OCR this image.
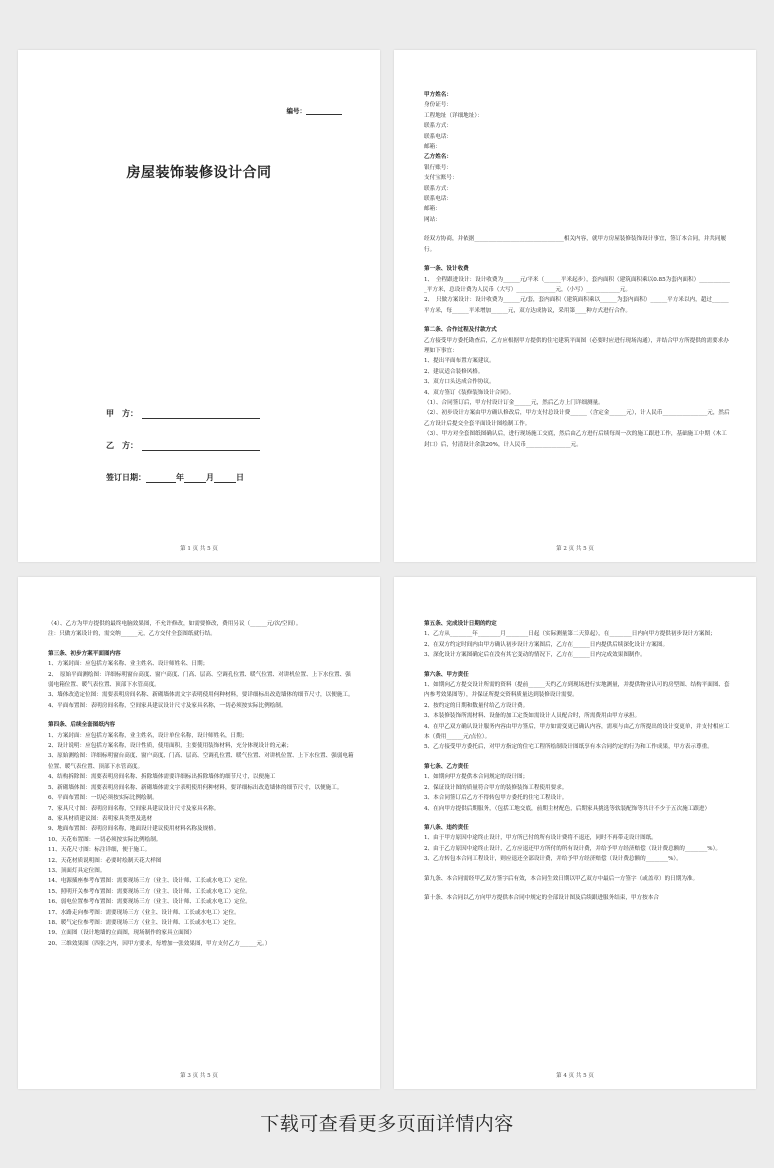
编号：
房屋装饰装修设计合同
甲　方：
乙　方：
签订日期：	年	月	日
第 1 页 共 5 页

甲方姓名：

身份证号：

工程地址（详细地址）：

联系方式：

联系电话：

邮箱：

乙方姓名：

银行账号：

支付宝账号：

联系方式：

联系电话：

邮箱：

网站：

经双方协商，并依据________________________________相关内容，就甲方房屋装修装饰设计事宜，签订本合同，并共同履行。

第一条、设计收费

1、　全程跟进设计：设计收费为______元/平米（______平米起步），套内面积（建筑面积乘以0.85为套内面积）____________平方米，总设计费为人民币（大写）______________元，（小写）____________元。

2、　只做方案设计：设计收费为______元/套，套内面积（建筑面积乘以______为套内面积）______平方米以内，超过______平方米，每______平米增加______元，双方达成协议，采用第____种方式进行合作。

第二条、合作过程及付款方式

乙方接受甲方委托勘查后，乙方应根据甲方提供的住宅建筑平面图（必要时应进行现场沟通），并结合甲方所提供的需要求办理如下事宜：

1、提出平面布置方案建议。

2、建议适合装修风格。

3、双方口头达成合作协议。

4、双方签订《装修装饰设计合同》。

（1）、合同签订后，甲方付设计订金______元，然后乙方上门详细测量。

（2）、初步设计方案由甲方确认修改后，甲方支付总设计费______（含定金______元），计人民币________________元，然后乙方设计后提交全套平面设计图绘制工作。

（3）、甲方对全套图纸图确认后，进行现场施工交底，然后由乙方进行后续每周一次的施工跟进工作，基础施工中期（木工封口）后，付清设计余款20%，计人民币________________元。

第 2 页 共 5 页

（4）、乙方为甲方提供的最终电脑效果图，不允许修改，如需要修改，费用另议（______元/次/空间）。

注：只做方案设计的，需交纳______元，乙方交付全套图纸就行结。

第三条、初步方案平面图内容

1、方案封面：应包括方案名称、业主姓名、设计师姓名、日期；

2、　原始平面测绘图：详细标明窗台高度、窗户高度、门高、层高、空调孔位置、暖气位置、对讲机位置、上下水位置、强弱电箱位置、暖气表位置、顶部下水管高度。

3、墙体改造定位图：需要表明房间名称、新砌墙体需文字表明使用何种材料，要详细标出改造墙体的细节尺寸，以便施工。

4、平面布置图：表明房间名称，空间家具建议设计尺寸及家具名称，一切必须按实际比例绘制。

第四条、后续全套图纸内容

1、方案封面：应包括方案名称，业主姓名，设计单位名称，设计师姓名，日期；

2、设计说明：应包括方案名称，设计性质，使用面积，主要使用装饰材料，充分体现设计的元素；

3、原始测绘图：详细标明窗台高度、窗户高度、门高、层高、空调孔位置、暖气位置、对讲机位置、上下水位置、强弱电箱位置、暖气表位置、顶部下水管高度。

4、结构拆除图：需要表明房间名称、拆除墙体需要详细标出拆除墙体的细节尺寸，以便施工

5、新砌墙体图：需要表明房间名称、新砌墙体需文字表明使用何种材料，要详细标出改造墙体的细节尺寸，以便施工。

6、平面布置图：一切必须按实际比例绘制。

7、家具尺寸图：表明房间名称，空间家具建议设计尺寸及家具名称。

8、家具材质建议图：表明家具类型及选材

9、地面布置图：表明房间名称，地面设计建议使用材料名称及规格。

10、天花布置图：一切必须按实际比例绘制。

11、天花尺寸图：标注详细，便于施工。

12、天花材质说明图：必要时绘制天花大样图

13、顶面灯具定位图。

14、电源插座参考布置图：需要现场三方（业主、设计师、工长或水电工）定位。

15、照明开关参考布置图：需要现场三方（业主、设计师、工长或水电工）定位。

16、弱电位置参考布置图：需要现场三方（业主、设计师、工长或水电工）定位。

17、水路走向参考图：需要现场三方（业主、设计师、工长或水电工）定位。

18、暖气定位参考图：需要现场三方（业主、设计师、工长或水电工）定位。

19、立面图（设计地墙的立面图，现场制作的家具立面图）

20、三维效果图（四张之内，因甲方要求，每增加一张效果图，甲方支付乙方______元。）

第 3 页 共 5 页

第五条、完成设计日期的约定

1、乙方从________年________月________日起（实际测量第二天算起），在________日内向甲方提供初步设计方案图；

2、在双方约定时间内由甲方确认初步设计方案图后，乙方在______日内提供后续深化设计方案图。

3、深化设计方案图确定后在没有其它变动的情况下，乙方在______日内完成效果图制作。

第六条、甲方责任

1、如期向乙方提交设计所需的资料（提前______天约乙方到现场进行实地测量，并提供物业认可的房型图、结构平面图、套内参考效果图等），并保证所提交资料质量达到装修设计需要。

2、按约定的日期和数量付给乙方设计费。

3、本装修装饰所需材料、设备的加工定货如需设计人员配合时，所需费用由甲方承担。

4、在甲乙双方确认设计服务内容由甲方签后，甲方如需变更已确认内容，需项与由乙方所提出的设计变更单，并支付相应工本（费用______元/点位）。

5、乙方接受甲方委托后，对甲方指定的住宅工程所绘制设计图纸享有本合同约定的行为和工作成果，甲方表示尊重。

第七条、乙方责任

1、如期向甲方提供本合同规定的设计图；

2、保证设计图的质量符合甲方的装修装饰工程使用要求。

3、本合同签订后乙方不得转包甲方委托的住宅工程设计。

4、在向甲方提供后期服务，（包括工地交底，前期主材配色，后期家具挑选等软装配饰等共计不少于五次施工跟进）

第八条、违约责任

1、由于甲方原因中途终止设计，甲方所已付的所有设计费将不退还，同时不再带走设计图纸。

2、由于乙方原因中途终止设计，乙方应退还甲方所付的所有设计费，并给予甲方经济赔偿（设计费总额的________%）。

3、乙方转包本合同工程设计，则应退还全部设计费，并给予甲方经济赔偿（设计费总额的________%）。

第九条、本合同需经甲乙双方签字后有效，本合同生效日期以甲乙双方中最后一方签字（或盖章）的日期为准。

第十条、本合同以乙方向甲方提供本合同中规定的全部设计图及后续跟进服务结束，甲方按本合

第 4 页 共 5 页
下载可查看更多页面详情内容
